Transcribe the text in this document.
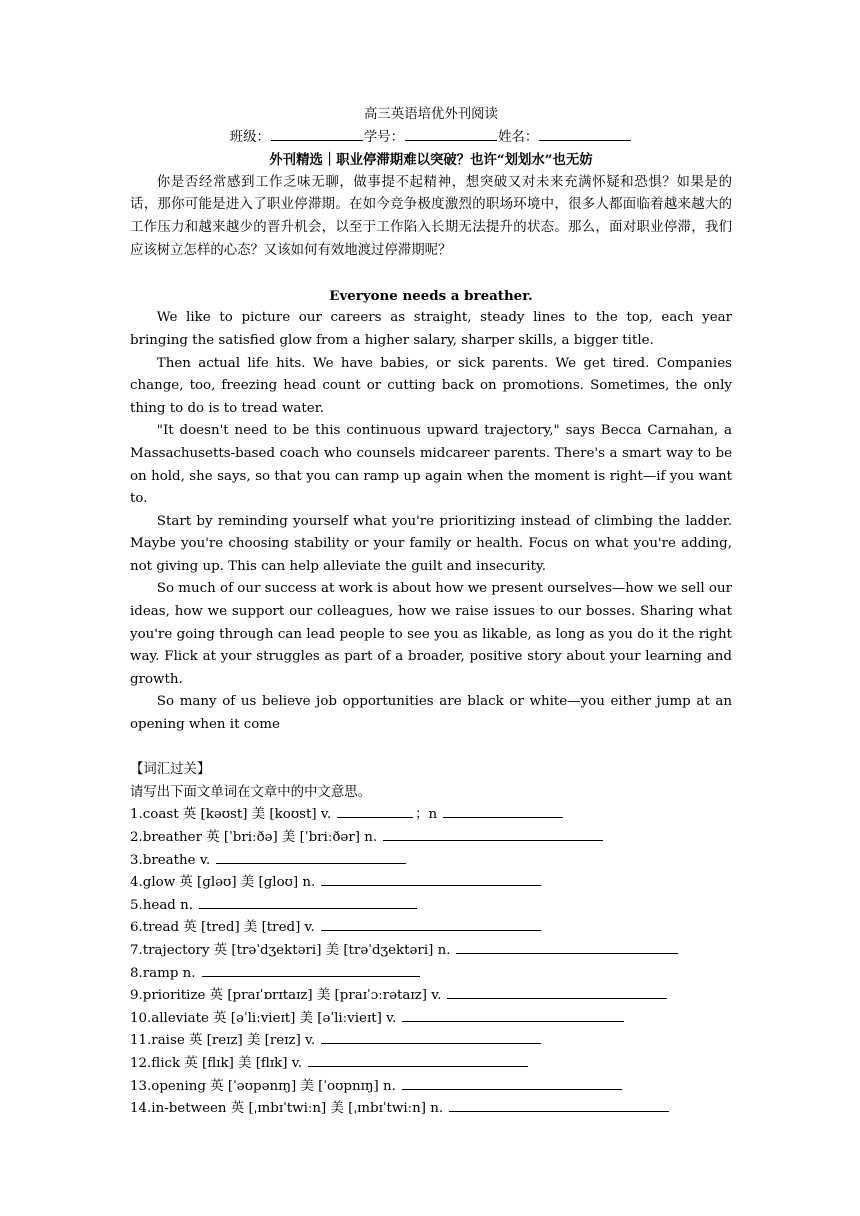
高三英语培优外刊阅读

班级：	学号：	姓名：

外刊精选｜职业停滞期难以突破？也许“划划水”也无妨

你是否经常感到工作乏味无聊，做事提不起精神，想突破又对未来充满怀疑和恐惧？如果是的话，那你可能是进入了职业停滞期。在如今竞争极度激烈的职场环境中，很多人都面临着越来越大的工作压力和越来越少的晋升机会，以至于工作陷入长期无法提升的状态。那么，面对职业停滞，我们应该树立怎样的心态？又该如何有效地渡过停滞期呢？

Everyone needs a breather.

We like to picture our careers as straight, steady lines to the top, each year bringing the satisfied glow from a higher salary, sharper skills, a bigger title.

Then actual life hits. We have babies, or sick parents. We get tired. Companies change, too, freezing head count or cutting back on promotions. Sometimes, the only thing to do is to tread water.

"It doesn't need to be this continuous upward trajectory," says Becca Carnahan, a Massachusetts-based coach who counsels midcareer parents. There's a smart way to be on hold, she says, so that you can ramp up again when the moment is right—if you want to.

Start by reminding yourself what you're prioritizing instead of climbing the ladder. Maybe you're choosing stability or your family or health. Focus on what you're adding, not giving up. This can help alleviate the guilt and insecurity.

So much of our success at work is about how we present ourselves—how we sell our ideas, how we support our colleagues, how we raise issues to our bosses. Sharing what you're going through can lead people to see you as likable, as long as you do it the right way. Flick at your struggles as part of a broader, positive story about your learning and growth.

So many of us believe job opportunities are black or white—you either jump at an opening when it come

【词汇过关】

请写出下面文单词在文章中的中文意思。

1.coast 英 [kəʊst] 美 [koʊst] v.	；n

2.breather 英 [ˈbriːðə] 美 [ˈbriːðər] n.

3.breathe v.

4.glow 英 [ɡləʊ] 美 [ɡloʊ] n.

5.head n.

6.tread 英 [tred] 美 [tred] v.

7.trajectory 英 [trəˈdʒektəri] 美 [trəˈdʒektəri] n.

8.ramp n.

9.prioritize 英 [praɪˈɒrɪtaɪz] 美 [praɪˈɔːrətaɪz] v.

10.alleviate 英 [əˈliːvieɪt] 美 [əˈliːvieɪt] v.

11.raise 英 [reɪz] 美 [reɪz] v.

12.flick 英 [flɪk] 美 [flɪk] v.

13.opening 英 [ˈəʊpənɪŋ] 美 [ˈoʊpnɪŋ] n.

14.in-between 英 [ˌɪnbɪˈtwiːn] 美 [ˌɪnbɪˈtwiːn] n.
